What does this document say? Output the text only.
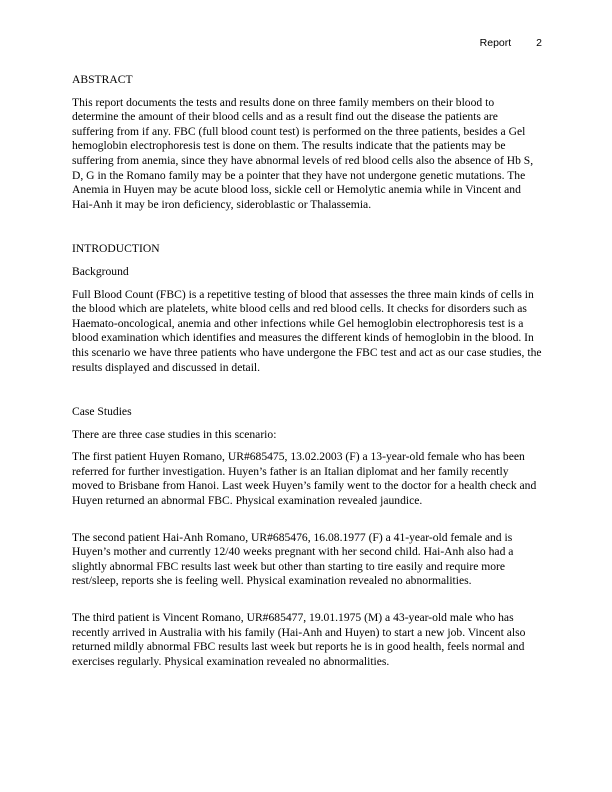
Report 2
ABSTRACT
This report documents the tests and results done on three family members on their blood to determine the amount of their blood cells and as a result find out the disease the patients are suffering from if any. FBC (full blood count test) is performed on the three patients, besides a Gel hemoglobin electrophoresis test is done on them. The results indicate that the patients may be suffering from anemia, since they have abnormal levels of red blood cells also the absence of Hb S, D, G in the Romano family may be a pointer that they have not undergone genetic mutations. The Anemia in Huyen may be acute blood loss, sickle cell or Hemolytic anemia while in Vincent and Hai-Anh it may be iron deficiency, sideroblastic or Thalassemia.
INTRODUCTION
Background
Full Blood Count (FBC) is a repetitive testing of blood that assesses the three main kinds of cells in the blood which are platelets, white blood cells and red blood cells. It checks for disorders such as Haemato-oncological, anemia and other infections while Gel hemoglobin electrophoresis test is a blood examination which identifies and measures the different kinds of hemoglobin in the blood. In this scenario we have three patients who have undergone the FBC test and act as our case studies, the results displayed and discussed in detail.
Case Studies
There are three case studies in this scenario:
The first patient Huyen Romano, UR#685475, 13.02.2003 (F) a 13-year-old female who has been referred for further investigation. Huyen’s father is an Italian diplomat and her family recently moved to Brisbane from Hanoi. Last week Huyen’s family went to the doctor for a health check and Huyen returned an abnormal FBC. Physical examination revealed jaundice.
The second patient Hai-Anh Romano, UR#685476, 16.08.1977 (F) a 41-year-old female and is Huyen’s mother and currently 12/40 weeks pregnant with her second child. Hai-Anh also had a slightly abnormal FBC results last week but other than starting to tire easily and require more rest/sleep, reports she is feeling well. Physical examination revealed no abnormalities.
The third patient is Vincent Romano, UR#685477, 19.01.1975 (M) a 43-year-old male who has recently arrived in Australia with his family (Hai-Anh and Huyen) to start a new job. Vincent also returned mildly abnormal FBC results last week but reports he is in good health, feels normal and exercises regularly. Physical examination revealed no abnormalities.
